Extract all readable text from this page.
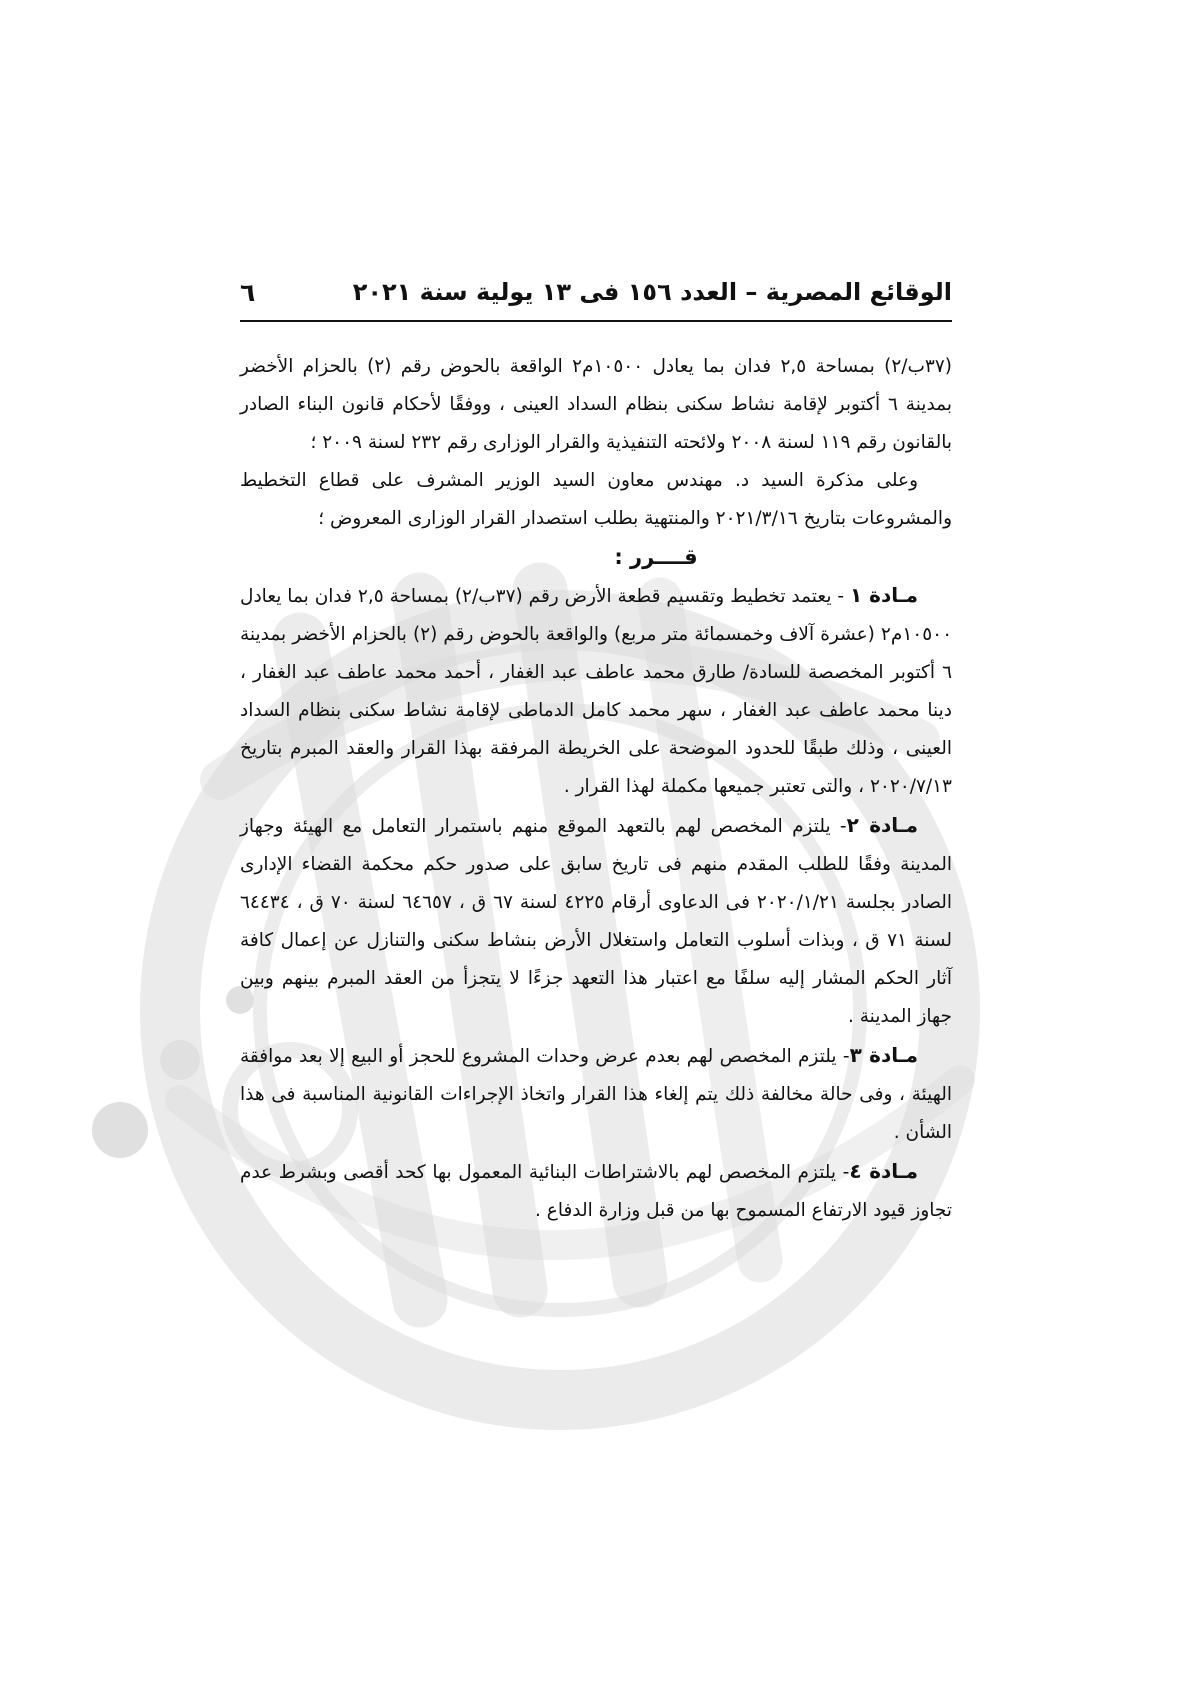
٦	الوقائع المصرية – العدد ١٥٦ فى ١٣ يولية سنة ٢٠٢١

(٣٧ب/٢) بمساحة ٢,٥ فدان بما يعادل ١٠٥٠٠م٢ الواقعة بالحوض رقم (٢) بالحزام الأخضر بمدينة ٦ أكتوبر لإقامة نشاط سكنى بنظام السداد العينى ، ووفقًا لأحكام قانون البناء الصادر بالقانون رقم ١١٩ لسنة ٢٠٠٨ ولائحته التنفيذية والقرار الوزارى رقم ٢٣٢ لسنة ٢٠٠٩ ؛

وعلى مذكرة السيد د. مهندس معاون السيد الوزير المشرف على قطاع التخطيط والمشروعات بتاريخ ٢٠٢١/٣/١٦ والمنتهية بطلب استصدار القرار الوزارى المعروض ؛

قــــرر :

مـادة ١ - يعتمد تخطيط وتقسيم قطعة الأرض رقم (٣٧ب/٢) بمساحة ٢,٥ فدان بما يعادل ١٠٥٠٠م٢ (عشرة آلاف وخمسمائة متر مربع) والواقعة بالحوض رقم (٢) بالحزام الأخضر بمدينة ٦ أكتوبر المخصصة للسادة/ طارق محمد عاطف عبد الغفار ، أحمد محمد عاطف عبد الغفار ، دينا محمد عاطف عبد الغفار ، سهر محمد كامل الدماطى لإقامة نشاط سكنى بنظام السداد العينى ، وذلك طبقًا للحدود الموضحة على الخريطة المرفقة بهذا القرار والعقد المبرم بتاريخ ٢٠٢٠/٧/١٣ ، والتى تعتبر جميعها مكملة لهذا القرار .

مـادة ٢- يلتزم المخصص لهم بالتعهد الموقع منهم باستمرار التعامل مع الهيئة وجهاز المدينة وفقًا للطلب المقدم منهم فى تاريخ سابق على صدور حكم محكمة القضاء الإدارى الصادر بجلسة ٢٠٢٠/١/٢١ فى الدعاوى أرقام ٤٢٢٥ لسنة ٦٧ ق ، ٦٤٦٥٧ لسنة ٧٠ ق ، ٦٤٤٣٤ لسنة ٧١ ق ، وبذات أسلوب التعامل واستغلال الأرض بنشاط سكنى والتنازل عن إعمال كافة آثار الحكم المشار إليه سلفًا مع اعتبار هذا التعهد جزءًا لا يتجزأ من العقد المبرم بينهم وبين جهاز المدينة .

مـادة ٣- يلتزم المخصص لهم بعدم عرض وحدات المشروع للحجز أو البيع إلا بعد موافقة الهيئة ، وفى حالة مخالفة ذلك يتم إلغاء هذا القرار واتخاذ الإجراءات القانونية المناسبة فى هذا الشأن .

مـادة ٤- يلتزم المخصص لهم بالاشتراطات البنائية المعمول بها كحد أقصى وبشرط عدم تجاوز قيود الارتفاع المسموح بها من قبل وزارة الدفاع .
